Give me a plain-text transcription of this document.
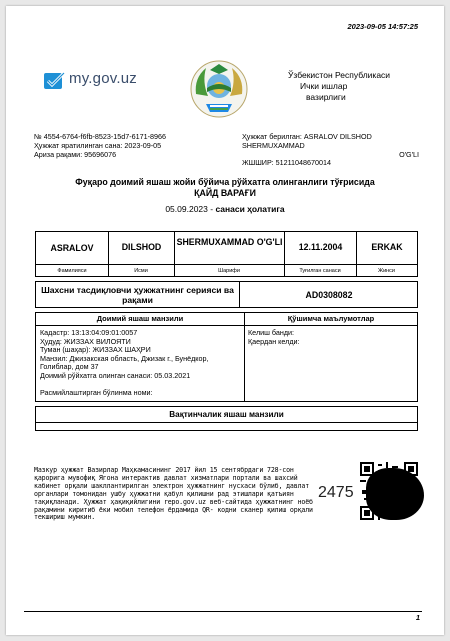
2023-09-05 14:57:25
my.gov.uz	Ўзбекистон Республикаси
Ички ишлар
вазирлиги
№ 4554-6764-f6fb-8523-15d7-6171-8966
Ҳужжат яратилинган сана: 2023-09-05
Ариза рақами: 95696076
Ҳужжат берилган: ASRALOV DILSHOD SHERMUXAMMAD
O'G'LI
ЖШШИР: 51211048670014
Фуқаро доимий яшаш жойи бўйича рўйхатга олинганлиги тўғрисида
ҚАЙД ВАРАҒИ
05.09.2023 - санаси ҳолатига
ASRALOV	DILSHOD	SHERMUXAMMAD O'G'LI	12.11.2004	ERKAK
Фамилияси	Исми	Шарифи	Туғилган санаси	Жинси
Шахсни тасдиқловчи ҳужжатнинг серияси ва рақами	AD0308082
Доимий яшаш манзили	Қўшимча маълумотлар
Кадастр: 13:13:04:09:01:0057
Ҳудуд: ЖИЗЗАХ ВИЛОЯТИ
Туман (шаҳар): ЖИЗЗАХ ШАҲРИ
Манзил: Джизакская область, Джизак г., Бунёдкор,
Голиблар, дом 37
Доимий рўйхатга олинган санаси: 05.03.2021
Расмийлаштирган бўлинма номи:
Келиш банди:
Қаердан келди:
Вақтинчалик яшаш манзили
Мазкур ҳужжат Вазирлар Маҳкамасининг 2017 йил 15 сентябрдаги 728-сон қарорига мувофиқ Ягона интерактив давлат хизматлари портали ва шахсий кабинет орқали шакллантирилган электрон ҳужжатнинг нусхаси бўлиб, давлат органлари томонидан ушбу ҳужжатни қабул қилишни рад этишлари қатъиян тақиқланади. Ҳужжат ҳақиқийлигини repo.gov.uz веб-сайтида ҳужжатнинг ноёб рақамини киритиб ёки мобил телефон ёрдамида QR- кодни сканер қилиш орқали текшириш мумкин.
2475
1
